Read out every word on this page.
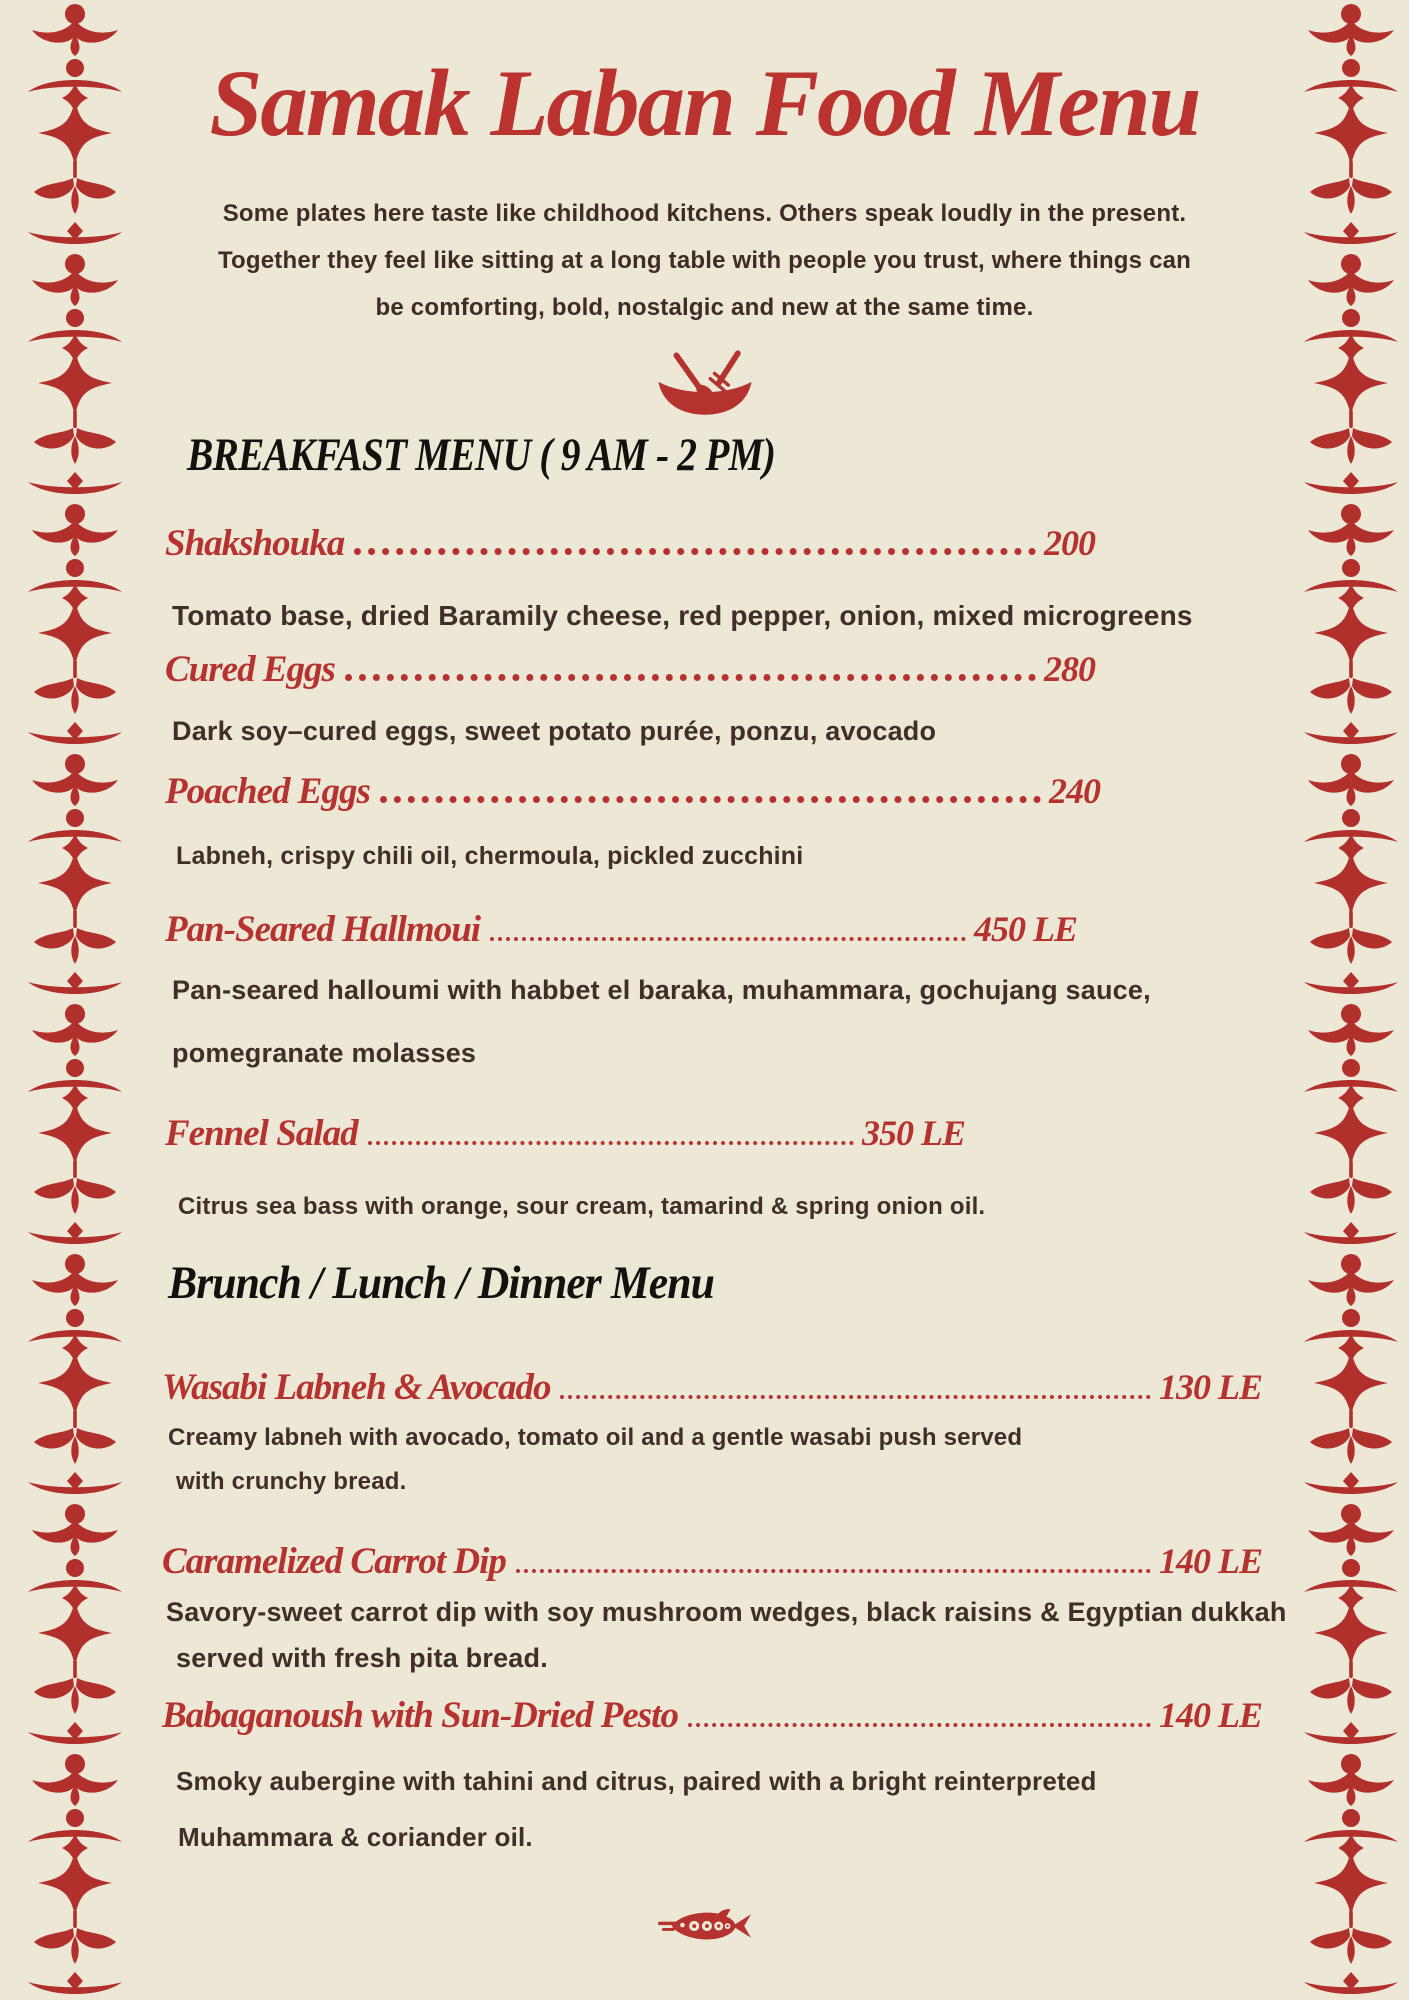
Samak Laban Food Menu
Some plates here taste like childhood kitchens. Others speak loudly in the present.
Together they feel like sitting at a long table with people you trust, where things can
be comforting, bold, nostalgic and new at the same time.
BREAKFAST MENU ( 9 AM - 2 PM)
Shakshouka	200
Tomato base, dried Baramily cheese, red pepper, onion, mixed microgreens
Cured Eggs	280
Dark soy–cured eggs, sweet potato purée, ponzu, avocado
Poached Eggs	240
Labneh, crispy chili oil, chermoula, pickled zucchini
Pan-Seared Hallmoui	450 LE
Pan-seared halloumi with habbet el baraka, muhammara, gochujang sauce,
pomegranate molasses
Fennel Salad	350 LE
Citrus sea bass with orange, sour cream, tamarind & spring onion oil.
Brunch / Lunch / Dinner Menu
Wasabi Labneh & Avocado	130 LE
Creamy labneh with avocado, tomato oil and a gentle wasabi push served
with crunchy bread.
Caramelized Carrot Dip	140 LE
Savory-sweet carrot dip with soy mushroom wedges, black raisins & Egyptian dukkah
served with fresh pita bread.
Babaganoush with Sun-Dried Pesto	140 LE
Smoky aubergine with tahini and citrus, paired with a bright reinterpreted
Muhammara & coriander oil.
